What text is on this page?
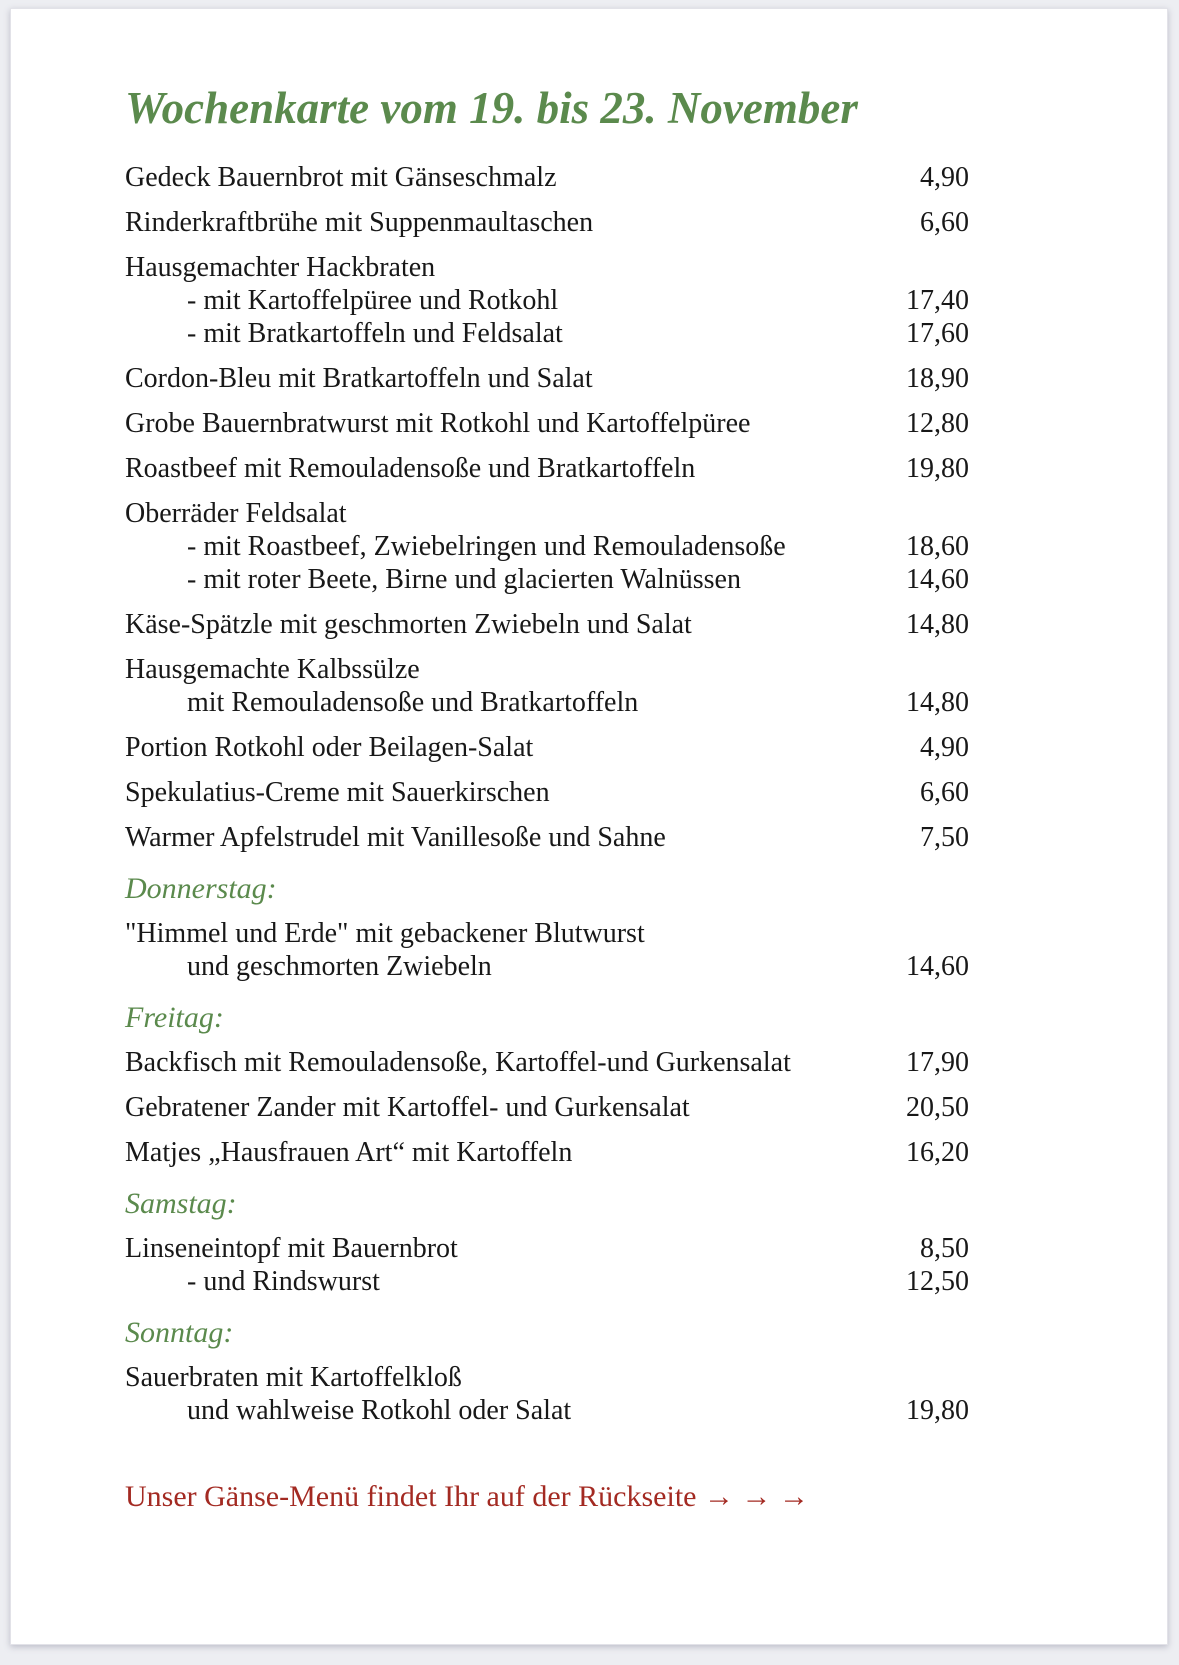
Wochenkarte vom 19. bis 23. November
Gedeck Bauernbrot mit Gänseschmalz	4,90
Rinderkraftbrühe mit Suppenmaultaschen	6,60
Hausgemachter Hackbraten
- mit Kartoffelpüree und Rotkohl	17,40
- mit Bratkartoffeln und Feldsalat	17,60
Cordon-Bleu mit Bratkartoffeln und Salat	18,90
Grobe Bauernbratwurst mit Rotkohl und Kartoffelpüree	12,80
Roastbeef mit Remouladensoße und Bratkartoffeln	19,80
Oberräder Feldsalat
- mit Roastbeef, Zwiebelringen und Remouladensoße	18,60
- mit roter Beete, Birne und glacierten Walnüssen	14,60
Käse-Spätzle mit geschmorten Zwiebeln und Salat	14,80
Hausgemachte Kalbssülze
mit Remouladensoße und Bratkartoffeln	14,80
Portion Rotkohl oder Beilagen-Salat	4,90
Spekulatius-Creme mit Sauerkirschen	6,60
Warmer Apfelstrudel mit Vanillesoße und Sahne	7,50
Donnerstag:
"Himmel und Erde" mit gebackener Blutwurst
und geschmorten Zwiebeln	14,60
Freitag:
Backfisch mit Remouladensoße, Kartoffel-und Gurkensalat	17,90
Gebratener Zander mit Kartoffel- und Gurkensalat	20,50
Matjes „Hausfrauen Art“ mit Kartoffeln	16,20
Samstag:
Linseneintopf mit Bauernbrot	8,50
- und Rindswurst	12,50
Sonntag:
Sauerbraten mit Kartoffelkloß
und wahlweise Rotkohl oder Salat	19,80
Unser Gänse-Menü findet Ihr auf der Rückseite → → →
